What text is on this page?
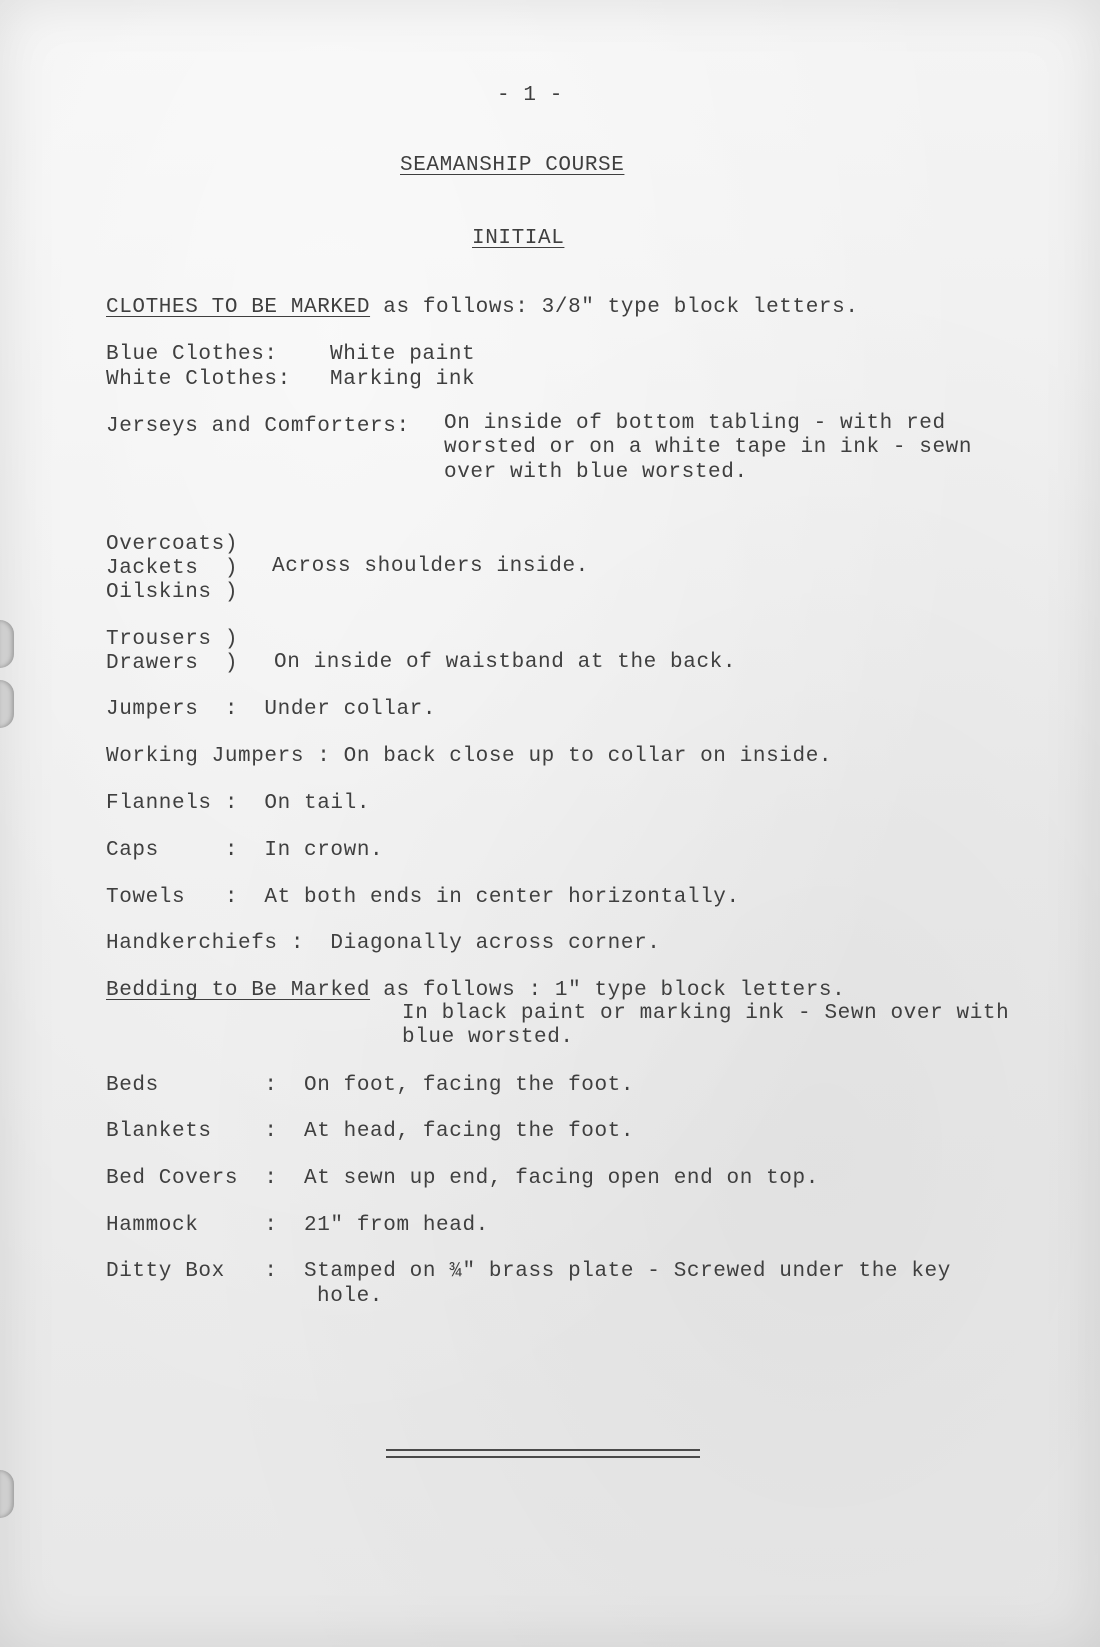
- 1 -

SEAMANSHIP COURSE

INITIAL

CLOTHES TO BE MARKED as follows: 3/8" type block letters.

Blue Clothes: White paint

White Clothes: Marking ink

Jerseys and Comforters: On inside of bottom tabling - with red

worsted or on a white tape in ink - sewn

over with blue worsted.

Overcoats)

Jackets  )

Oilskins )

Across shoulders inside.

Trousers )

Drawers  ) On inside of waistband at the back.

Jumpers  :  Under collar.

Working Jumpers : On back close up to collar on inside.

Flannels :  On tail.

Caps     :  In crown.

Towels   :  At both ends in center horizontally.

Handkerchiefs :  Diagonally across corner.

Bedding to Be Marked as follows : 1" type block letters.

In black paint or marking ink - Sewn over with

blue worsted.

Beds        :  On foot, facing the foot.

Blankets    :  At head, facing the foot.

Bed Covers  :  At sewn up end, facing open end on top.

Hammock     :  21" from head.

Ditty Box   :  Stamped on ¾" brass plate - Screwed under the key

hole.
